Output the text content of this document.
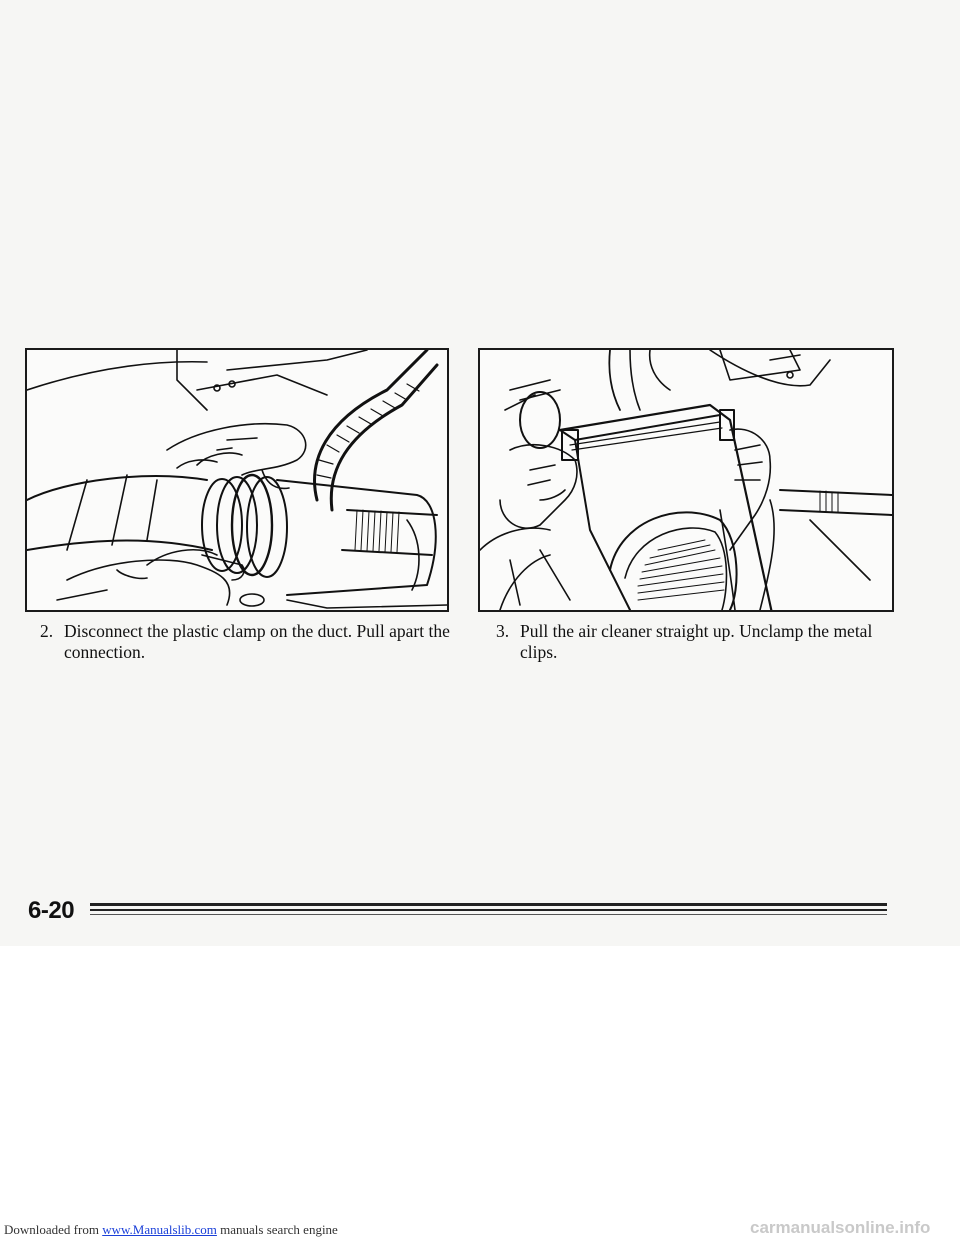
2. Disconnect the plastic clamp on the duct. Pull apart the connection.
3. Pull the air cleaner straight up. Unclamp the metal clips.
6-20
Downloaded from www.Manualslib.com manuals search engine	carmanualsonline.info
